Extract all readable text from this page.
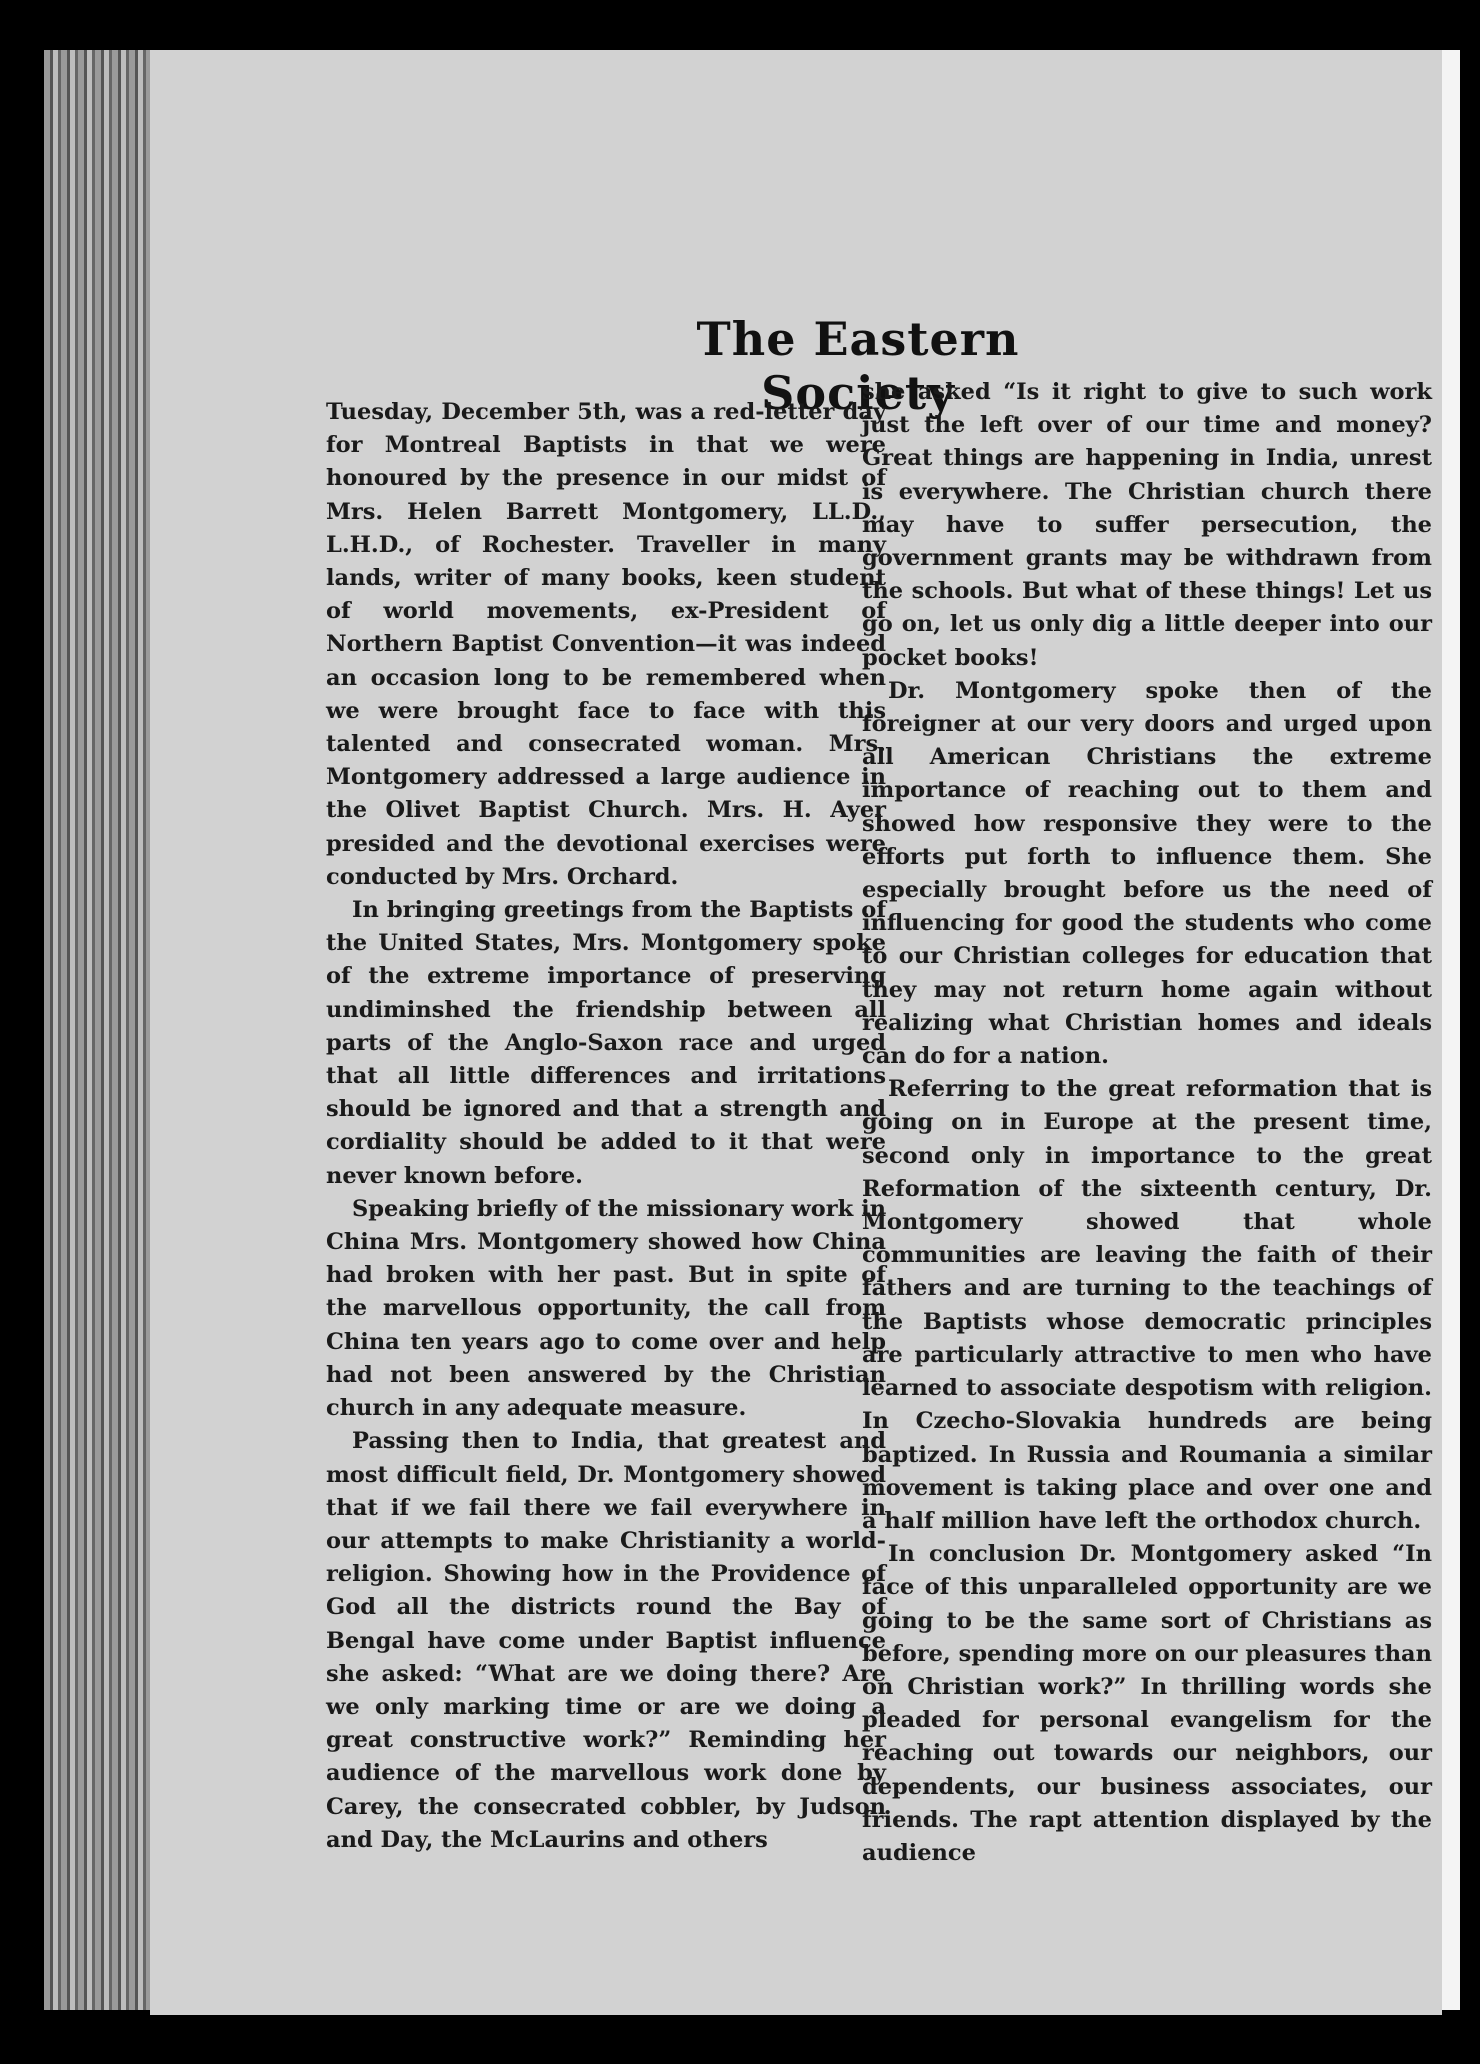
The Eastern Society

Tuesday, December 5th, was a red-letter day for Montreal Baptists in that we were honoured by the presence in our midst of Mrs. Helen Barrett Montgomery, LL.D., L.H.D., of Rochester. Traveller in many lands, writer of many books, keen student of world movements, ex-President of Northern Baptist Convention—it was indeed an occasion long to be remembered when we were brought face to face with this talented and consecrated woman. Mrs. Montgomery addressed a large audience in the Olivet Baptist Church. Mrs. H. Ayer presided and the devotional exercises were conducted by Mrs. Orchard.

In bringing greetings from the Baptists of the United States, Mrs. Montgomery spoke of the extreme importance of preserving undiminshed the friendship between all parts of the Anglo-Saxon race and urged that all little differences and irritations should be ignored and that a strength and cordiality should be added to it that were never known before.

Speaking briefly of the missionary work in China Mrs. Montgomery showed how China had broken with her past. But in spite of the marvellous opportunity, the call from China ten years ago to come over and help had not been answered by the Christian church in any adequate measure.

Passing then to India, that greatest and most difficult field, Dr. Montgomery showed that if we fail there we fail everywhere in our attempts to make Christianity a world-religion. Showing how in the Providence of God all the districts round the Bay of Bengal have come under Baptist influence she asked: “What are we doing there? Are we only marking time or are we doing a great constructive work?” Reminding her audience of the marvellous work done by Carey, the consecrated cobbler, by Judson and Day, the McLaurins and others

she asked “Is it right to give to such work just the left over of our time and money? Great things are happening in India, unrest is everywhere. The Christian church there may have to suffer persecution, the government grants may be withdrawn from the schools. But what of these things! Let us go on, let us only dig a little deeper into our pocket books!

Dr. Montgomery spoke then of the foreigner at our very doors and urged upon all American Christians the extreme importance of reaching out to them and showed how responsive they were to the efforts put forth to influence them. She especially brought before us the need of influencing for good the students who come to our Christian colleges for education that they may not return home again without realizing what Christian homes and ideals can do for a nation.

Referring to the great reformation that is going on in Europe at the present time, second only in importance to the great Reformation of the sixteenth century, Dr. Montgomery showed that whole communities are leaving the faith of their fathers and are turning to the teachings of the Baptists whose democratic principles are particularly attractive to men who have learned to associate despotism with religion. In Czecho-Slovakia hundreds are being baptized. In Russia and Roumania a similar movement is taking place and over one and a half million have left the orthodox church.

In conclusion Dr. Montgomery asked “In face of this unparalleled opportunity are we going to be the same sort of Christians as before, spending more on our pleasures than on Christian work?” In thrilling words she pleaded for personal evangelism for the reaching out towards our neighbors, our dependents, our business associates, our friends. The rapt attention displayed by the audience
